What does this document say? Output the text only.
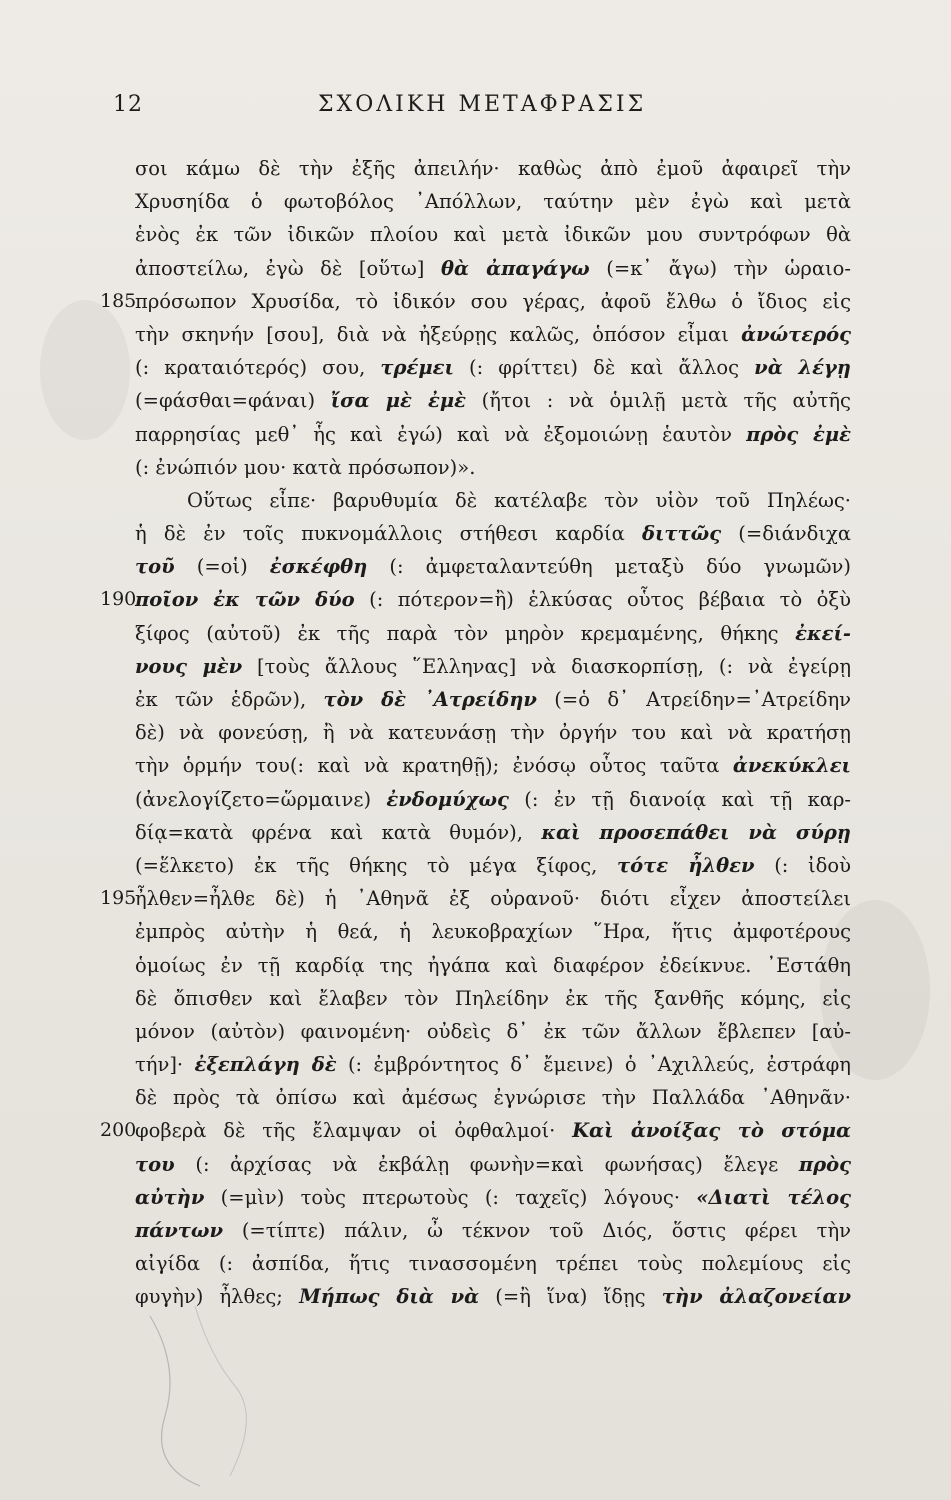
12	ΣΧΟΛΙΚΗ ΜΕΤΑΦΡΑΣΙΣ
σοι κάμω δὲ τὴν ἐξῆς ἀπειλήν· καθὼς ἀπὸ ἐμοῦ ἀφαιρεῖ τὴν
Χρυσηίδα ὁ φωτοβόλος ᾿Απόλλων, ταύτην μὲν ἐγὼ καὶ μετὰ
ἑνὸς ἐκ τῶν ἰδικῶν πλοίου καὶ μετὰ ἰδικῶν μου συντρόφων θὰ
ἀποστείλω, ἐγὼ δὲ [οὕτω] θὰ ἀπαγάγω (=κ᾿ ἄγω) τὴν ὡραιο-
185
πρόσωπον Χρυσίδα, τὸ ἰδικόν σου γέρας, ἀφοῦ ἔλθω ὁ ἴδιος εἰς
τὴν σκηνήν [σου], διὰ νὰ ἠξεύρῃς καλῶς, ὁπόσον εἶμαι ἀνώτερός
(: κραταιότερός) σου, τρέμει (: φρίττει) δὲ καὶ ἄλλος νὰ λέγῃ
(=φάσθαι=φάναι) ἴσα μὲ ἐμὲ (ἤτοι : νὰ ὁμιλῇ μετὰ τῆς αὐτῆς
παρρησίας μεθ᾿ ἧς καὶ ἐγώ) καὶ νὰ ἐξομοιώνῃ ἑαυτὸν πρὸς ἐμὲ
(: ἐνώπιόν μου· κατὰ πρόσωπον)».
Οὕτως εἶπε· βαρυθυμία δὲ κατέλαβε τὸν υἱὸν τοῦ Πηλέως·
ἡ δὲ ἐν τοῖς πυκνομάλλοις στήθεσι καρδία διττῶς (=διάνδιχα
τοῦ (=οἱ) ἐσκέφθη (: ἀμφεταλαντεύθη μεταξὺ δύο γνωμῶν)
190
ποῖον ἐκ τῶν δύο (: πότερον=ἢ) ἑλκύσας οὗτος βέβαια τὸ ὀξὺ
ξίφος (αὐτοῦ) ἐκ τῆς παρὰ τὸν μηρὸν κρεμαμένης, θήκης ἐκεί-
νους μὲν [τοὺς ἄλλους ῞Ελληνας] νὰ διασκορπίσῃ, (: νὰ ἐγείρῃ
ἐκ τῶν ἑδρῶν), τὸν δὲ ᾿Ατρείδην (=ὁ δ᾿ Ατρείδην=᾿Ατρείδην
δὲ) νὰ φονεύσῃ, ἢ νὰ κατευνάσῃ τὴν ὀργήν του καὶ νὰ κρατήσῃ
τὴν ὁρμήν του(: καὶ νὰ κρατηθῇ); ἐνόσῳ οὗτος ταῦτα ἀνεκύκλει
(ἀνελογίζετο=ὥρμαινε) ἐνδομύχως (: ἐν τῇ διανοίᾳ καὶ τῇ καρ-
δίᾳ=κατὰ φρένα καὶ κατὰ θυμόν), καὶ προσεπάθει νὰ σύρῃ
(=ἕλκετο) ἐκ τῆς θήκης τὸ μέγα ξίφος, τότε ἦλθεν (: ἰδοὺ
195
ἦλθεν=ἦλθε δὲ) ἡ ᾿Αθηνᾶ ἐξ οὐρανοῦ· διότι εἶχεν ἀποστείλει
ἐμπρὸς αὐτὴν ἡ θεά, ἡ λευκοβραχίων ῞Ηρα, ἥτις ἀμφοτέρους
ὁμοίως ἐν τῇ καρδίᾳ της ἠγάπα καὶ διαφέρον ἐδείκνυε. ᾿Εστάθη
δὲ ὄπισθεν καὶ ἔλαβεν τὸν Πηλείδην ἐκ τῆς ξανθῆς κόμης, εἰς
μόνον (αὐτὸν) φαινομένη· οὐδεὶς δ᾿ ἐκ τῶν ἄλλων ἔβλεπεν [αὐ-
τήν]· ἐξεπλάγη δὲ (: ἐμβρόντητος δ᾿ ἔμεινε) ὁ ᾿Αχιλλεύς, ἐστράφη
δὲ πρὸς τὰ ὀπίσω καὶ ἀμέσως ἐγνώρισε τὴν Παλλάδα ᾿Αθηνᾶν·
200
φοβερὰ δὲ τῆς ἔλαμψαν οἱ ὀφθαλμοί· Καὶ ἀνοίξας τὸ στόμα
του (: ἀρχίσας νὰ ἐκβάλῃ φωνὴν=καὶ φωνήσας) ἔλεγε πρὸς
αὐτὴν (=μὶν) τοὺς πτερωτοὺς (: ταχεῖς) λόγους· «Διατὶ τέλος
πάντων (=τίπτε) πάλιν, ὦ τέκνον τοῦ Διός, ὅστις φέρει τὴν
αἰγίδα (: ἀσπίδα, ἥτις τινασσομένη τρέπει τοὺς πολεμίους εἰς
φυγὴν) ἦλθες; Μήπως διὰ νὰ (=ἢ ἵνα) ἴδῃς τὴν ἀλαζονείαν
